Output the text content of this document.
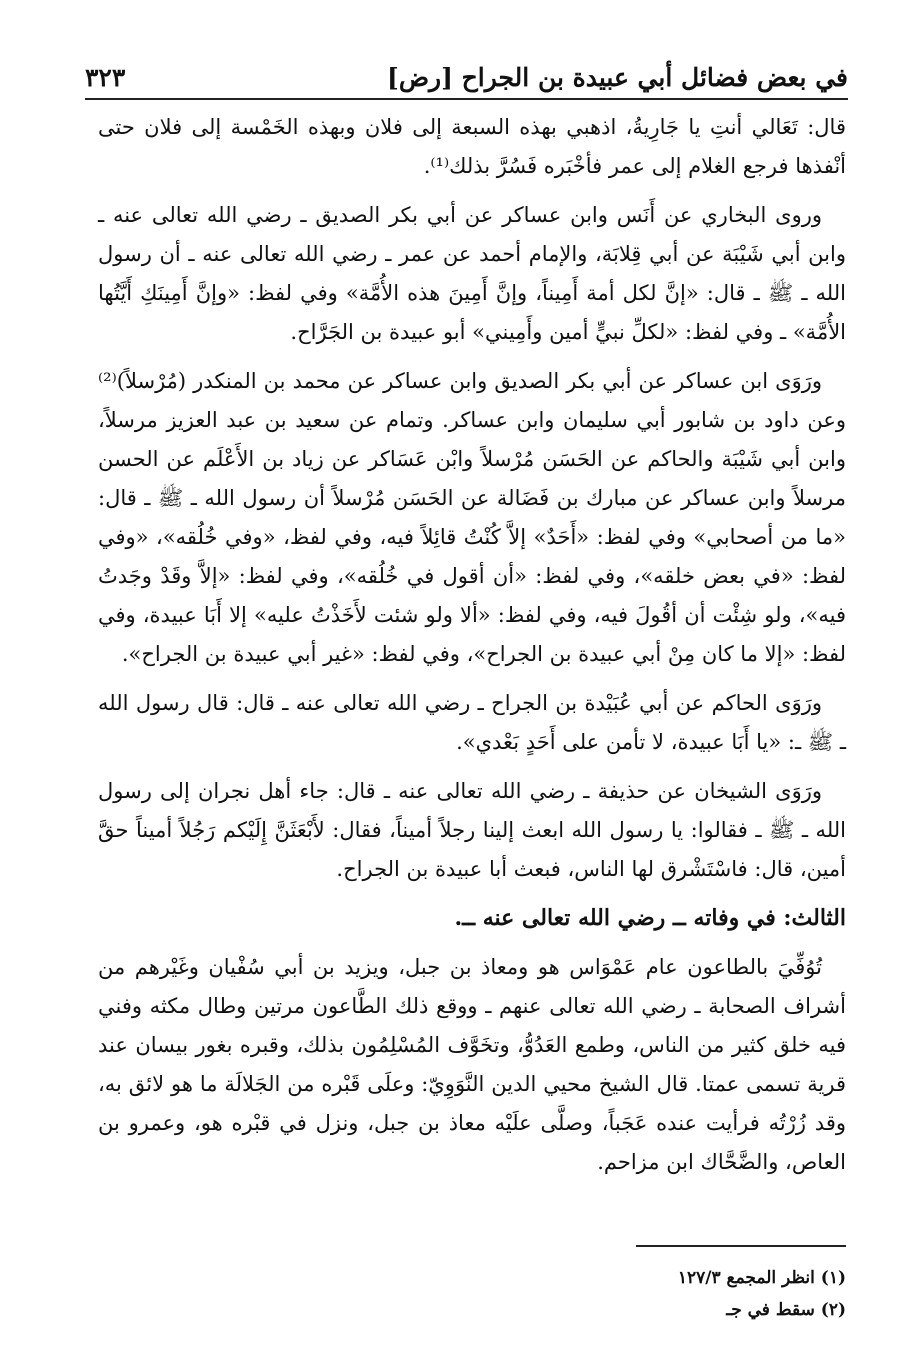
في بعض فضائل أبي عبيدة بن الجراح [رض]
٣٢٣

قال: تَعَالي أنتِ يا جَارِيةُ، اذهبي بهذه السبعة إلى فلان وبهذه الخَمْسة إلى فلان حتى أنْفذها فرجع الغلام إلى عمر فأخْبَره فَسُرَّ بذلك⁽¹⁾.

وروى البخاري عن أَنَس وابن عساكر عن أبي بكر الصديق ـ رضي الله تعالى عنه ـ وابن أبي شَيْبَة عن أبي قِلابَة، والإمام أحمد عن عمر ـ رضي الله تعالى عنه ـ أن رسول الله ـ ﷺ ـ قال: «إنَّ لكل أمة أَمِيناً، وإنَّ أَمِينَ هذه الأُمَّة» وفي لفظ: «وإنَّ أَمِينَكِ أَيَّتُها الأُمَّة» ـ وفي لفظ: «لكلِّ نبيٍّ أمين وأَمِيني» أبو عبيدة بن الجَرَّاح.

ورَوَى ابن عساكر عن أبي بكر الصديق وابن عساكر عن محمد بن المنكدر (مُرْسلاً)⁽²⁾ وعن داود بن شابور أبي سليمان وابن عساكر. وتمام عن سعيد بن عبد العزيز مرسلاً، وابن أبي شَيْبَة والحاكم عن الحَسَن مُرْسلاً وابْن عَسَاكر عن زياد بن الأَعْلَم عن الحسن مرسلاً وابن عساكر عن مبارك بن فَضَالة عن الحَسَن مُرْسلاً أن رسول الله ـ ﷺ ـ قال: «ما من أصحابي» وفي لفظ: «أَحَدٌ» إلاَّ كُنْتُ قائِلاً فيه، وفي لفظ، «وفي خُلُقه»، «وفي لفظ: «في بعض خلقه»، وفي لفظ: «أن أقول في خُلُقه»، وفي لفظ: «إلاَّ وقَدْ وجَدتُ فيه»، ولو شِئْت أن أقُولَ فيه، وفي لفظ: «ألا ولو شئت لأَخَذْتُ عليه» إلا أَبَا عبيدة، وفي لفظ: «إلا ما كان مِنْ أبي عبيدة بن الجراح»، وفي لفظ: «غير أبي عبيدة بن الجراح».

ورَوَى الحاكم عن أبي عُبَيْدة بن الجراح ـ رضي الله تعالى عنه ـ قال: قال رسول الله ـ ﷺ ـ: «يا أَبَا عبيدة، لا تأمن على أَحَدٍ بَعْدي».

ورَوَى الشيخان عن حذيفة ـ رضي الله تعالى عنه ـ قال: جاء أهل نجران إلى رسول الله ـ ﷺ ـ فقالوا: يا رسول الله ابعث إلينا رجلاً أميناً، فقال: لأَبْعَثَنَّ إِلَيْكم رَجُلاً أميناً حقَّ أمين، قال: فاسْتَشْرق لها الناس، فبعث أبا عبيدة بن الجراح.

الثالث: في وفاته ــ رضي الله تعالى عنه ــ.

تُوُفِّيَ بالطاعون عام عَمْوَاس هو ومعاذ بن جبل، ويزيد بن أبي سُفْيان وغَيْرهم من أشراف الصحابة ـ رضي الله تعالى عنهم ـ ووقع ذلك الطَّاعون مرتين وطال مكثه وفني فيه خلق كثير من الناس، وطمع العَدُوُّ، وتخَوَّف المُسْلِمُون بذلك، وقبره بغور بيسان عند قرية تسمى عمتا. قال الشيخ محيي الدين النَّوَوِيّ: وعلَى قَبْره من الجَلالَة ما هو لائق به، وقد زُرْتُه فرأيت عنده عَجَباً، وصلَّى علَيْه معاذ بن جبل، ونزل في قبْره هو، وعمرو بن العاص، والضَّحَّاك ابن مزاحم.

(١) انظر المجمع ١٢٧/٣
(٢) سقط في جـ
